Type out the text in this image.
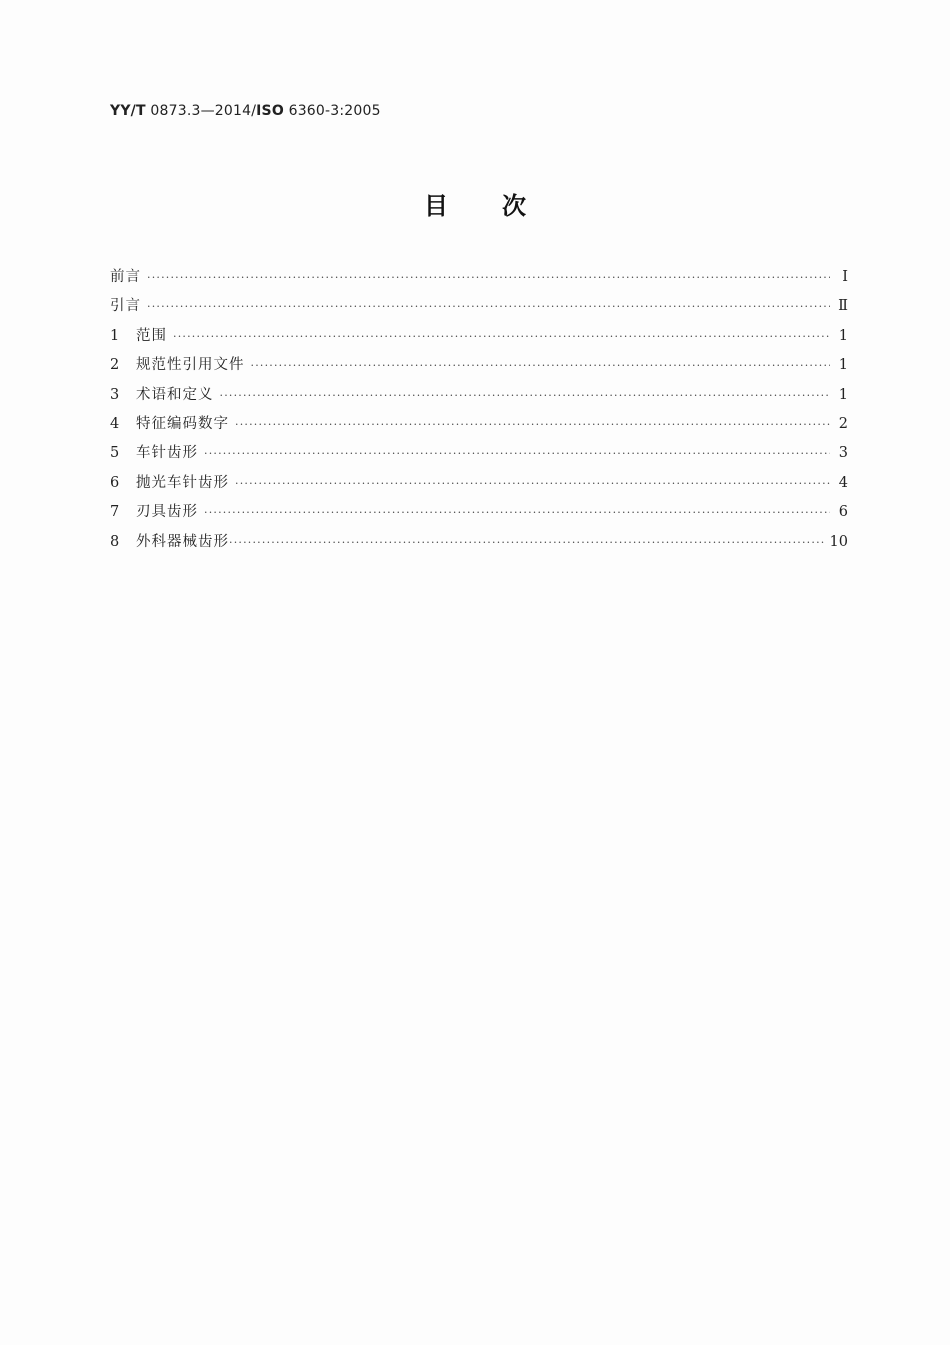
YY/T 0873.3—2014/ISO 6360-3:2005
目次
前言 ·····	Ⅰ
引言 ·····	Ⅱ
1	范围 ·····	1
2	规范性引用文件 ·····	1
3	术语和定义 ·····	1
4	特征编码数字 ·····	2
5	车针齿形 ·····	3
6	抛光车针齿形 ·····	4
7	刃具齿形 ·····	6
8	外科器械齿形 ·····	10
